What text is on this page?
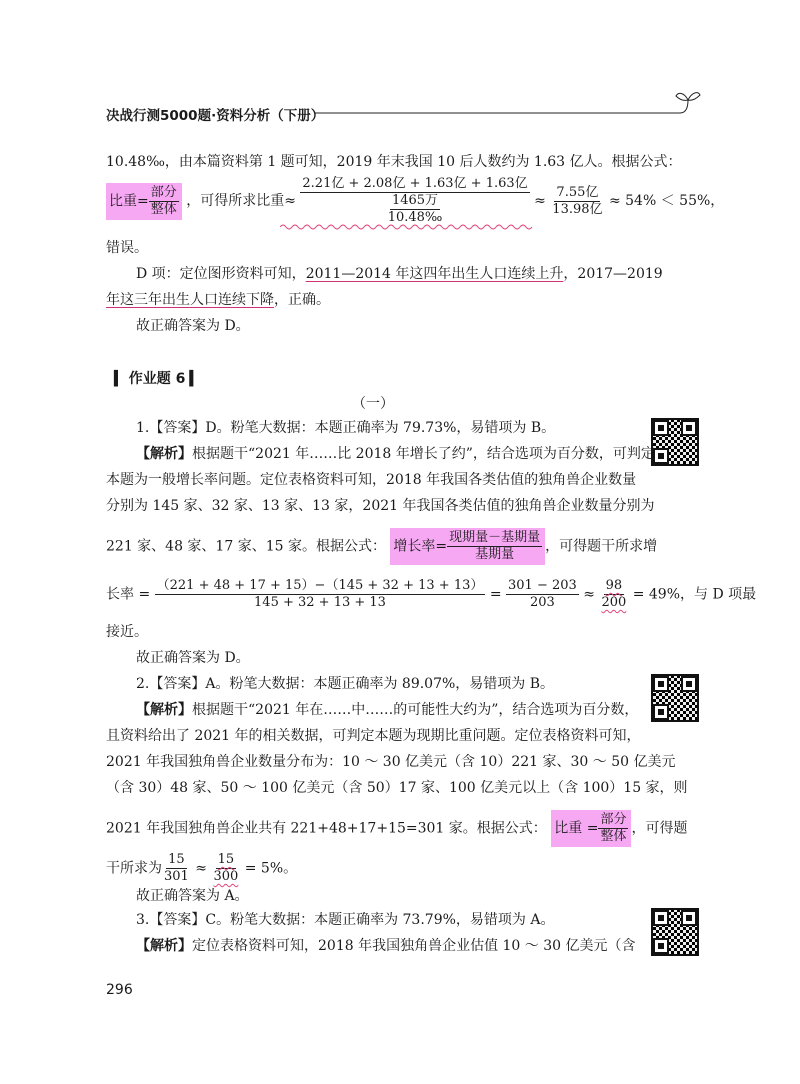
决战行测5000题·资料分析（下册）
10.48‰，由本篇资料第 1 题可知，2019 年末我国 10 后人数约为 1.63 亿人。根据公式：
比重= $\frac{\text{部分}}{\text{整体}}$ ，可得所求比重≈ $\frac{\text{2.21亿 + 2.08亿 + 1.63亿 + 1.63亿}}{\frac{\text{1465万}}{10.48‰}} \approx \frac{\text{7.55亿}}{\text{13.98亿}} \approx 54\% < 55\%$，
错误。
D 项：定位图形资料可知，2011—2014 年这四年出生人口连续上升，2017—2019
年这三年出生人口连续下降，正确。
故正确答案为 D。
▍ 作业题 6 ▍
（一）
1.【答案】D。粉笔大数据：本题正确率为 79.73%，易错项为 B。
【解析】根据题干“2021 年……比 2018 年增长了约”，结合选项为百分数，可判定
本题为一般增长率问题。定位表格资料可知，2018 年我国各类估值的独角兽企业数量
分别为 145 家、32 家、13 家、13 家，2021 年我国各类估值的独角兽企业数量分别为
221 家、48 家、17 家、15 家。根据公式： 增长率= $\frac{\text{现期量－基期量}}{\text{基期量}}$ ，可得题干所求增
长率 = $\frac{(221 + 48 + 17 + 15)-(145 + 32 + 13 + 13)}{145 + 32 + 13 + 13} = \frac{301 - 203}{203} \approx \frac{98}{200} = 49\%$，与 D 项最
接近。
故正确答案为 D。
2.【答案】A。粉笔大数据：本题正确率为 89.07%，易错项为 B。
【解析】根据题干“2021 年在……中……的可能性大约为”，结合选项为百分数，
且资料给出了 2021 年的相关数据，可判定本题为现期比重问题。定位表格资料可知，
2021 年我国独角兽企业数量分布为：10 ～ 30 亿美元（含 10）221 家、30 ～ 50 亿美元
（含 30）48 家、50 ～ 100 亿美元（含 50）17 家、100 亿美元以上（含 100）15 家，则
2021 年我国独角兽企业共有 221+48+17+15=301 家。根据公式： 比重 = $\frac{\text{部分}}{\text{整体}}$ ，可得题
干所求为 $\frac{15}{301} \approx \frac{15}{300} = 5\%$。
故正确答案为 A。
3.【答案】C。粉笔大数据：本题正确率为 73.79%，易错项为 A。
【解析】定位表格资料可知，2018 年我国独角兽企业估值 10 ～ 30 亿美元（含
296
